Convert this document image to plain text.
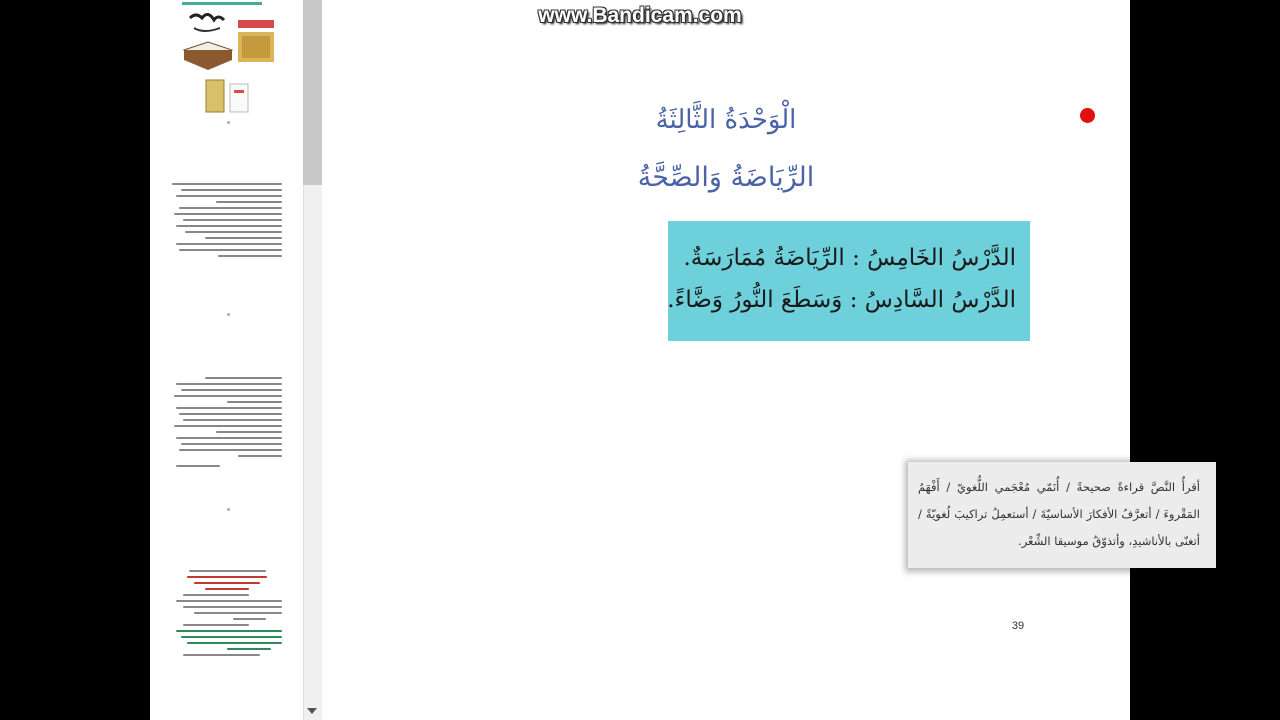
الْوَحْدَةُ الثَّالِثَةُ
الرِّيَاضَةُ وَالصِّحَّةُ
الدَّرْسُ الخَامِسُ : الرِّيَاضَةُ مُمَارَسَةٌ.
الدَّرْسُ السَّادِسُ : وَسَطَعَ النُّورُ وَضَّاءً.
أقرأُ النَّصَّ قراءةً صحيحةً / أُنَمّي مُعْجَمي اللُّغويّ / أَفْهَمُ المَقْروءَ / أتعرَّفُ الأفكارَ الأساسيّةَ / أستعمِلُ تراكيبَ لُغويّةً / أتغنّى بالأناشيدِ، وأتذوّقُ موسيقا الشِّعْر.
39
www.Bandicam.com
